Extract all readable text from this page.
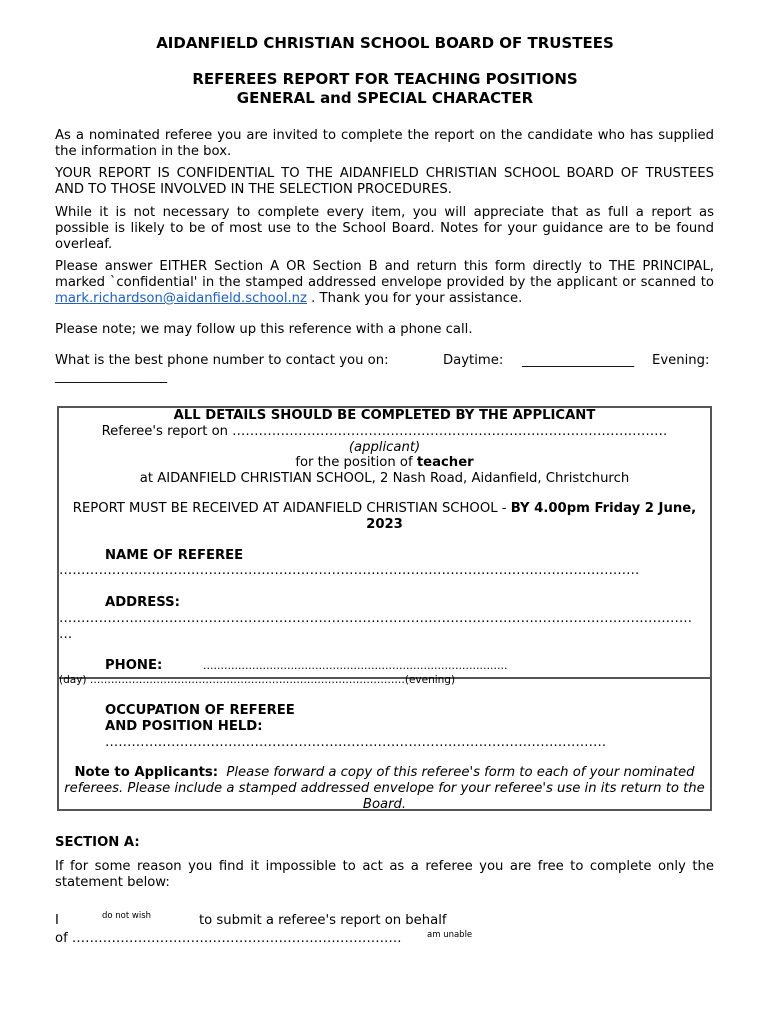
AIDANFIELD CHRISTIAN SCHOOL BOARD OF TRUSTEES
REFEREES REPORT FOR TEACHING POSITIONS
GENERAL and SPECIAL CHARACTER
As a nominated referee you are invited to complete the report on the candidate who has supplied the information in the box.
YOUR REPORT IS CONFIDENTIAL TO THE AIDANFIELD CHRISTIAN SCHOOL BOARD OF TRUSTEES AND TO THOSE INVOLVED IN THE SELECTION PROCEDURES.
While it is not necessary to complete every item, you will appreciate that as full a report as possible is likely to be of most use to the School Board. Notes for your guidance are to be found overleaf.
Please answer EITHER Section A OR Section B and return this form directly to THE PRINCIPAL, marked `confidential' in the stamped addressed envelope provided by the applicant or scanned to mark.richardson@aidanfield.school.nz . Thank you for your assistance.
Please note; we may follow up this reference with a phone call.
What is the best phone number to contact you on:	Daytime: _________________ Evening:
_________________
ALL DETAILS SHOULD BE COMPLETED BY THE APPLICANT
Referee's report on ………………………………………………………………………………………
(applicant)
for the position of teacher
at AIDANFIELD CHRISTIAN SCHOOL, 2 Nash Road, Aidanfield, Christchurch
REPORT MUST BE RECEIVED AT AIDANFIELD CHRISTIAN SCHOOL - BY 4.00pm Friday 2 June, 2023
NAME OF REFEREE
……………………………………………………………………………………………………………………
ADDRESS:
………………………………………………………………………………………………………………………………
…
PHONE:	……………………………………………………………………………
(day) ………………………………………………………………………………(evening)
OCCUPATION OF REFEREE
AND POSITION HELD:
……………………………………………………………………………………………………
Note to Applicants: Please forward a copy of this referee's form to each of your nominated referees. Please include a stamped addressed envelope for your referee's use in its return to the Board.
SECTION A:
If for some reason you find it impossible to act as a referee you are free to complete only the statement below:
I	do not wish	to submit a referee's report on behalf
of …………………………………………………………………	am unable
